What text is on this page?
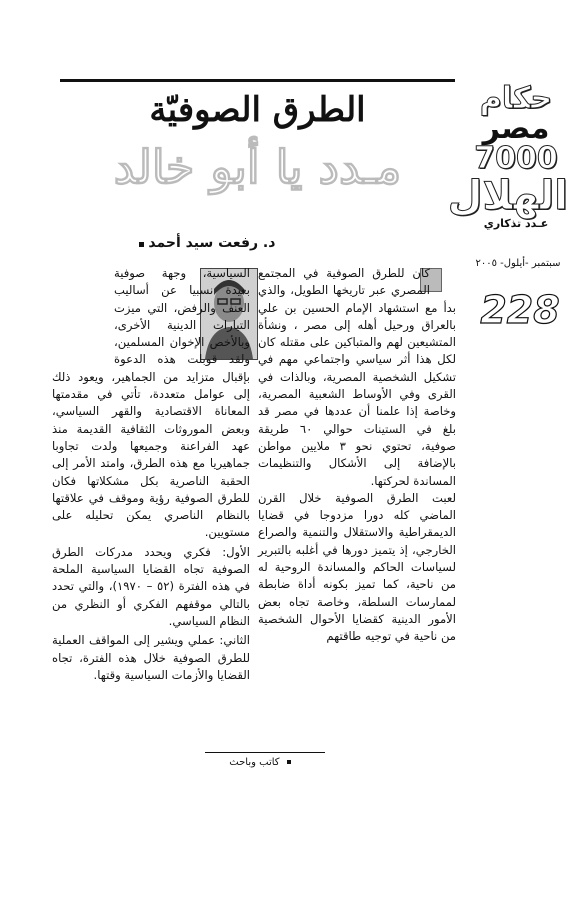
حكام
مصر
7000
الهلال
عـدد تذكاري
سبتمبر -أيلول- ٢٠٠٥
228
الطرق الصوفيّة
مـدد يا أبو خالد
د. رفعت سيد أحمد

كان للطرق الصوفية في المجتمع المصري عبر تاريخها الطويل، والذي بدأ مع استشهاد الإمام الحسين بن علي بالعراق ورحيل أهله إلى مصر ، ونشأة المتشيعين لهم والمتباكين على مقتله كان لكل هذا أثر سياسي واجتماعي مهم في تشكيل الشخصية المصرية، وبالذات في القرى وفي الأوساط الشعبية المصرية، وخاصة إذا علمنا أن عددها في مصر قد بلغ في الستينات حوالي ٦٠ طريقة صوفية، تحتوي نحو ٣ ملايين مواطن بالإضافة إلى الأشكال والتنظيمات المساندة لحركتها.

لعبت الطرق الصوفية خلال القرن الماضي كله دورا مزدوجا في قضايا الديمقراطية والاستقلال والتنمية والصراع الخارجي، إذ يتميز دورها في أغلبه بالتبرير لسياسات الحاكم والمساندة الروحية له من ناحية، كما تميز بكونه أداة ضابطة لممارسات السلطة، وخاصة تجاه بعض الأمور الدينية كقضايا الأحوال الشخصية من ناحية في توجيه طاقتهم

السياسية، وجهة صوفية بعيدة نسبيا عن أساليب العنف والرفض، التي ميزت التيارات الدينية الأخرى، وبالأخص الإخوان المسلمين، ولقد قوبلت هذه الدعوة بإقبال متزايد من الجماهير، ويعود ذلك إلى عوامل متعددة، تأتي في مقدمتها المعاناة الاقتصادية والقهر السياسي، وبعض الموروثات الثقافية القديمة منذ عهد الفراعنة وجميعها ولدت تجاوبا جماهيريا مع هذه الطرق، وامتد الأمر إلى الحقبة الناصرية بكل مشكلاتها فكان للطرق الصوفية رؤية وموقف في علاقتها بالنظام الناصري يمكن تحليله على مستويين.

الأول: فكري ويحدد مدركات الطرق الصوفية تجاه القضايا السياسية الملحة في هذه الفترة (٥٢ – ١٩٧٠)، والتي تحدد بالتالي موقفهم الفكري أو النظري من النظام السياسي.

الثاني: عملي ويشير إلى المواقف العملية للطرق الصوفية خلال هذه الفترة، تجاه القضايا والأزمات السياسية وقتها.

كاتب وباحث
